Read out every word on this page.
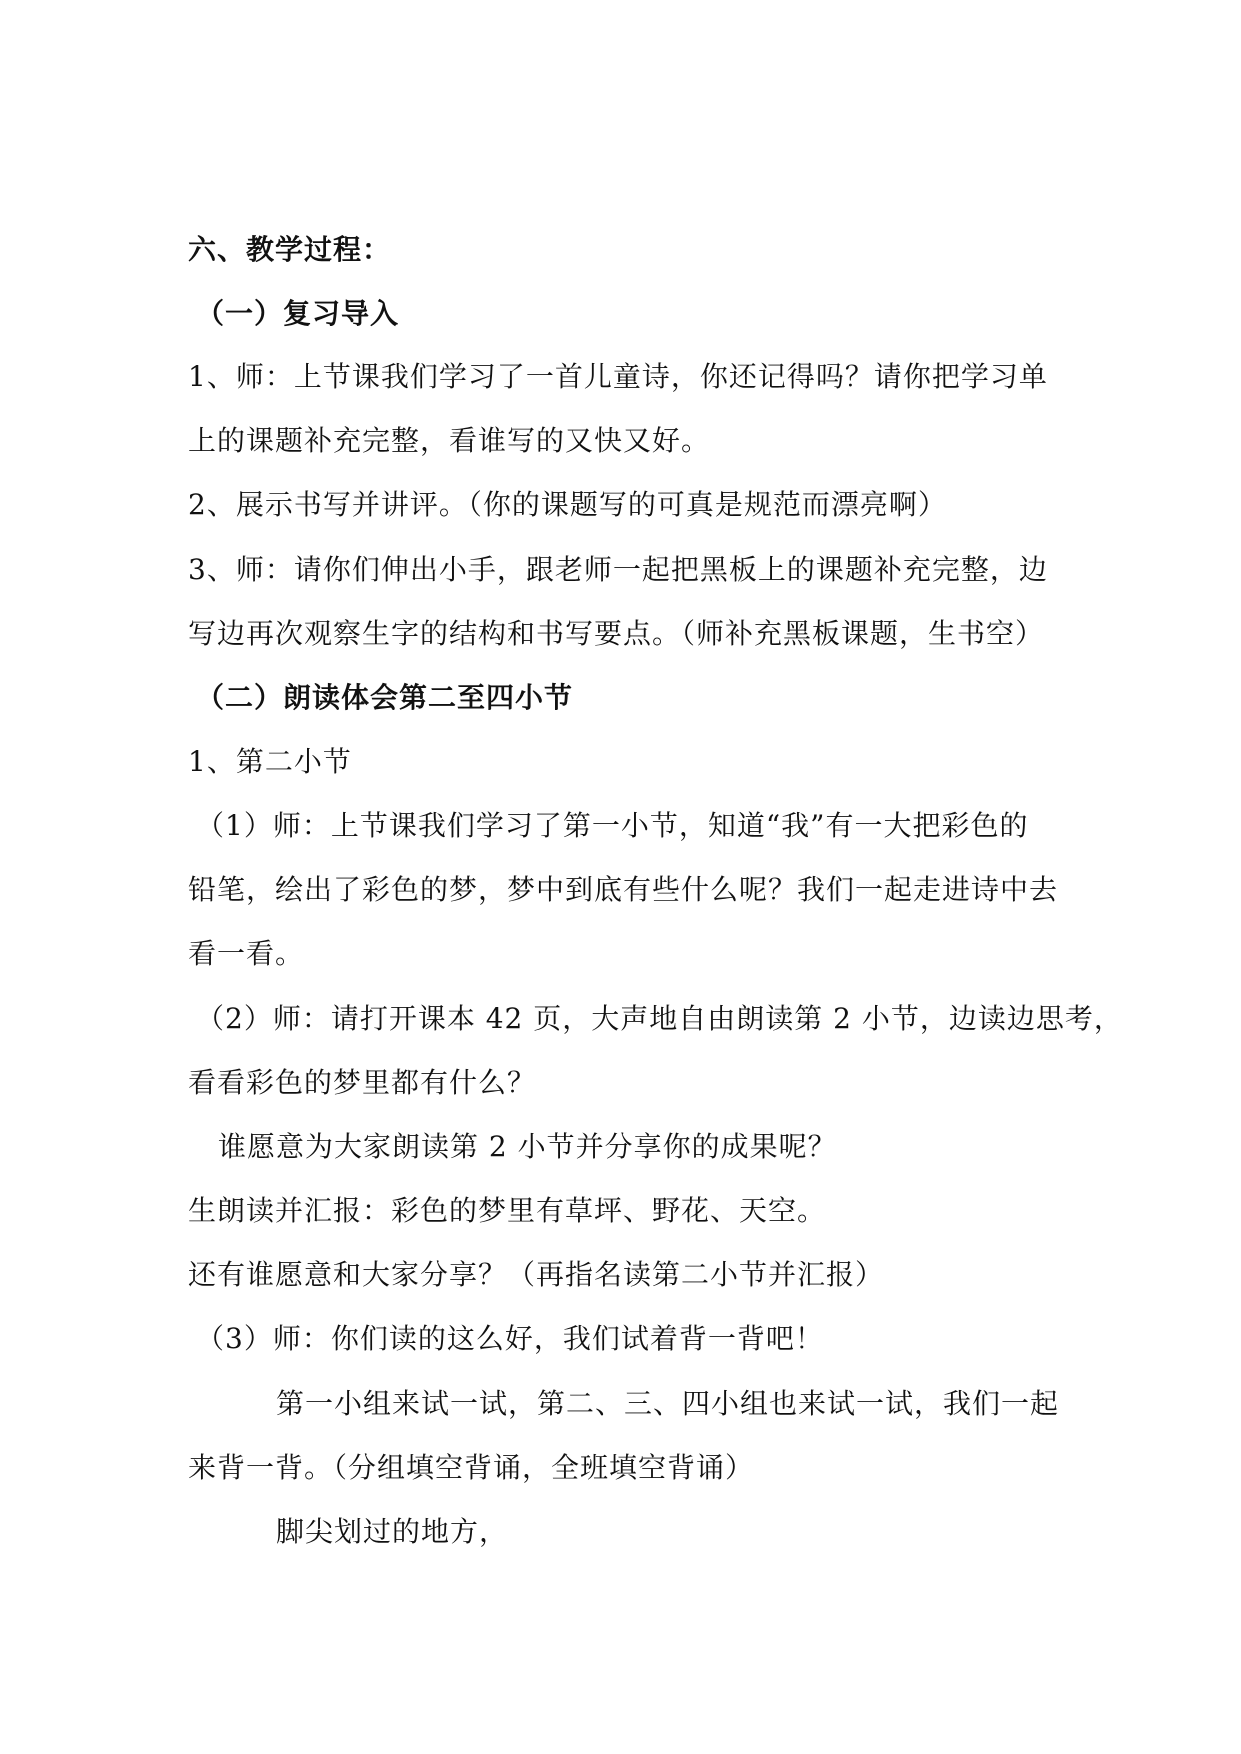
六、教学过程：
（一）复习导入
1、师：上节课我们学习了一首儿童诗，你还记得吗？请你把学习单
上的课题补充完整，看谁写的又快又好。
2、展示书写并讲评。（你的课题写的可真是规范而漂亮啊）
3、师：请你们伸出小手，跟老师一起把黑板上的课题补充完整，边
写边再次观察生字的结构和书写要点。（师补充黑板课题，生书空）
（二）朗读体会第二至四小节
1、第二小节
（1）师：上节课我们学习了第一小节，知道“我”有一大把彩色的
铅笔，绘出了彩色的梦，梦中到底有些什么呢？我们一起走进诗中去
看一看。
（2）师：请打开课本 42 页，大声地自由朗读第 2 小节，边读边思考，
看看彩色的梦里都有什么？
谁愿意为大家朗读第 2 小节并分享你的成果呢？
生朗读并汇报：彩色的梦里有草坪、野花、天空。
还有谁愿意和大家分享？（再指名读第二小节并汇报）
（3）师：你们读的这么好，我们试着背一背吧！
第一小组来试一试，第二、三、四小组也来试一试，我们一起
来背一背。（分组填空背诵，全班填空背诵）
脚尖划过的地方，
